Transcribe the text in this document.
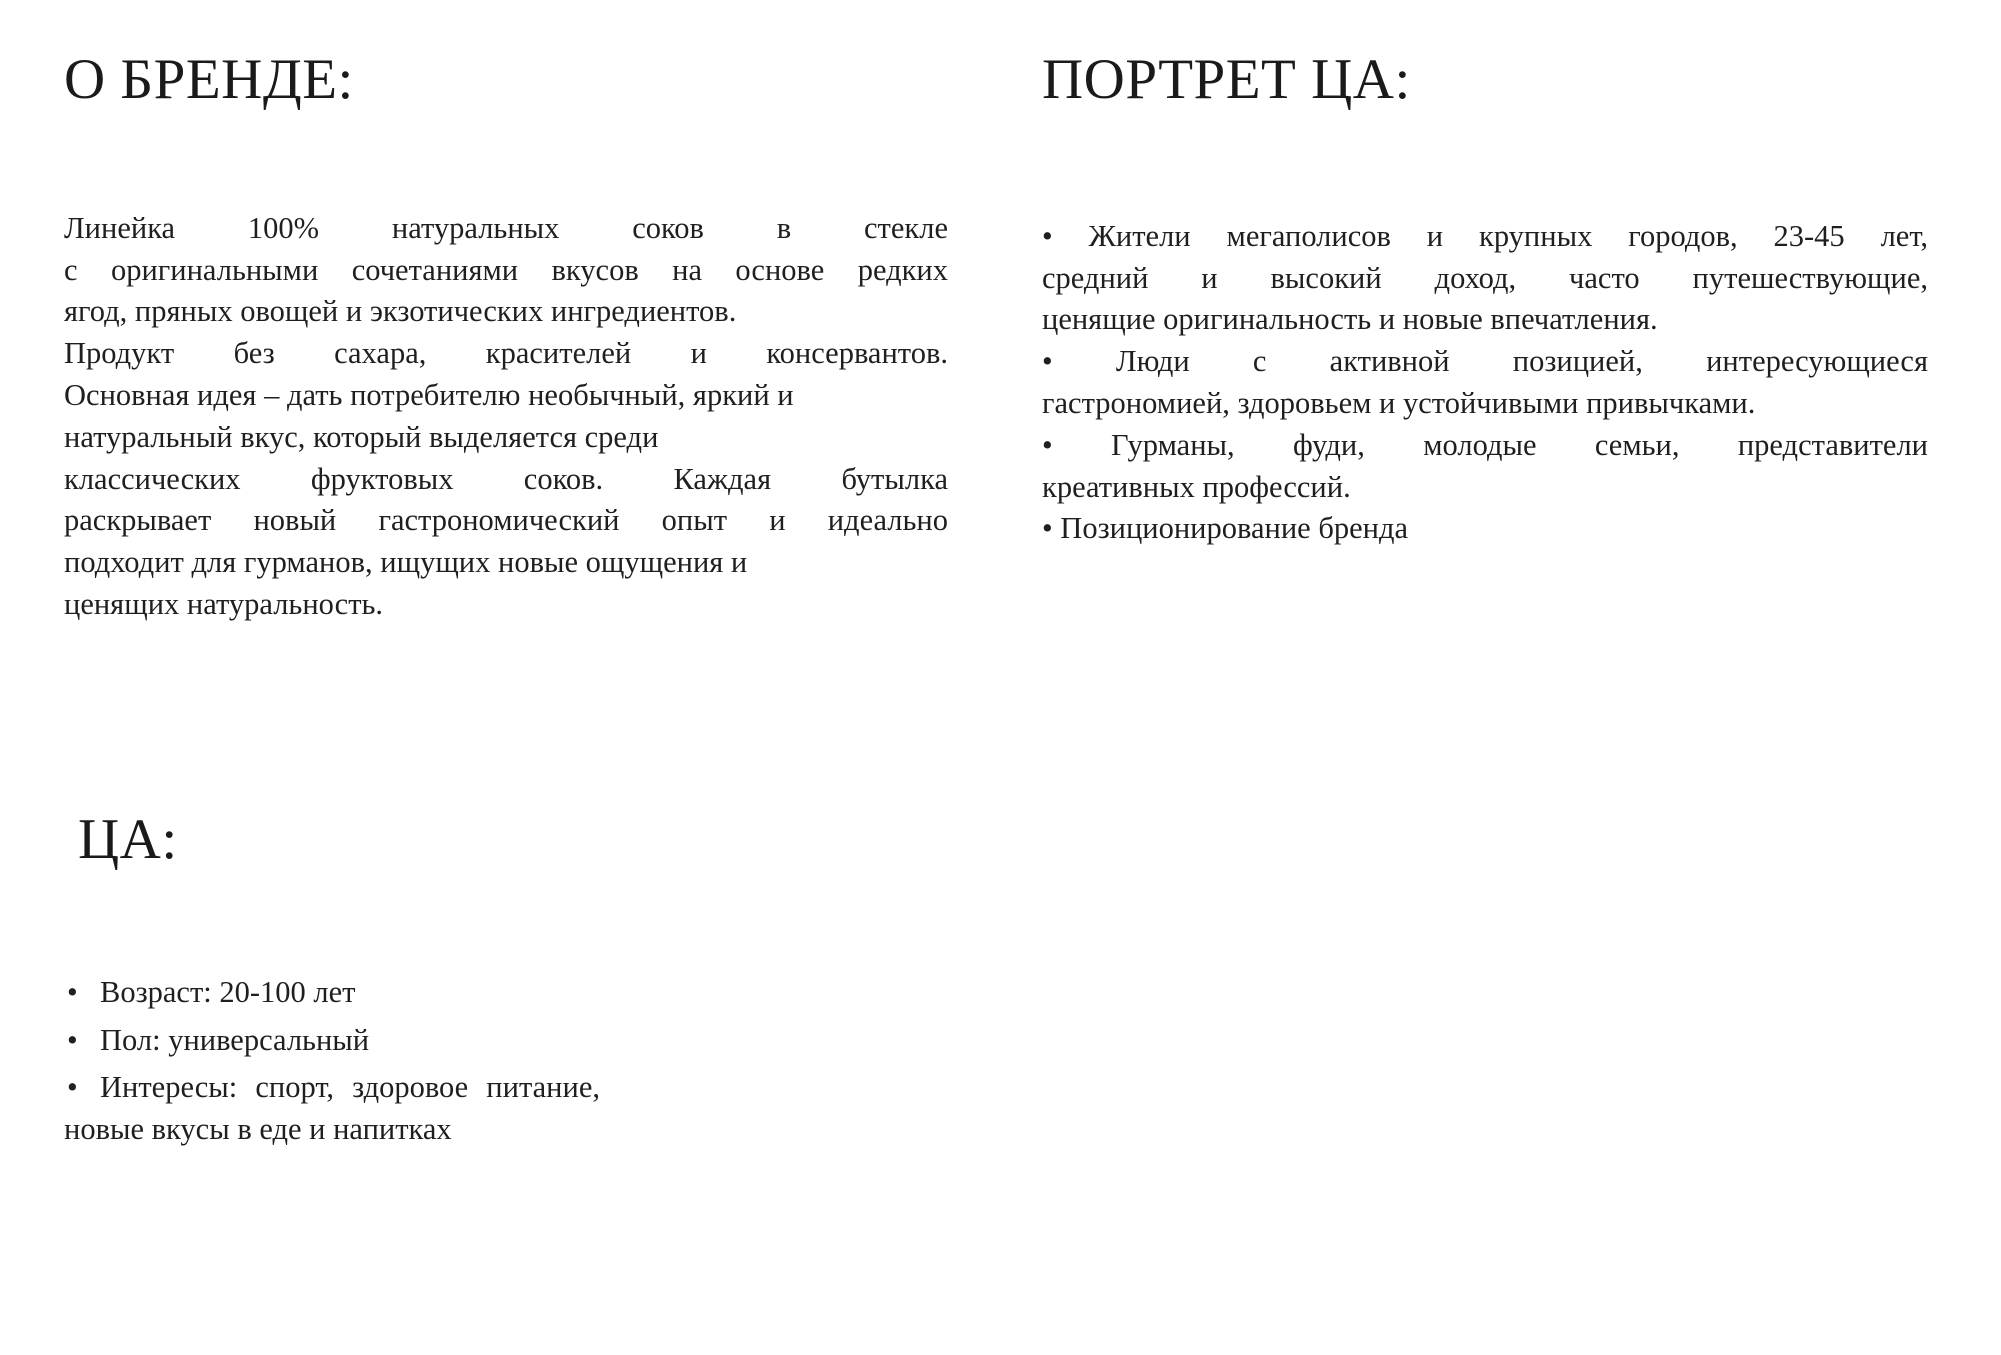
О БРЕНДЕ:

Линейка 100% натуральных соков в стекле
с оригинальными сочетаниями вкусов на основе редких
ягод, пряных овощей и экзотических ингредиентов.
Продукт без сахара, красителей и консервантов.
Основная идея – дать потребителю необычный, яркий и
натуральный вкус, который выделяется среди
классических фруктовых соков. Каждая бутылка
раскрывает новый гастрономический опыт и идеально
подходит для гурманов, ищущих новые ощущения и
ценящих натуральность.

ПОРТРЕТ ЦА:

• Жители мегаполисов и крупных городов, 23-45 лет,
средний и высокий доход, часто путешествующие,
ценящие оригинальность и новые впечатления.

• Люди с активной позицией, интересующиеся
гастрономией, здоровьем и устойчивыми привычками.

• Гурманы, фуди, молодые семьи, представители
креативных профессий.

• Позиционирование бренда

ЦА:
• Возраст: 20-100 лет
• Пол: универсальный
• Интересы: спорт, здоровое питание,
новые вкусы в еде и напитках
